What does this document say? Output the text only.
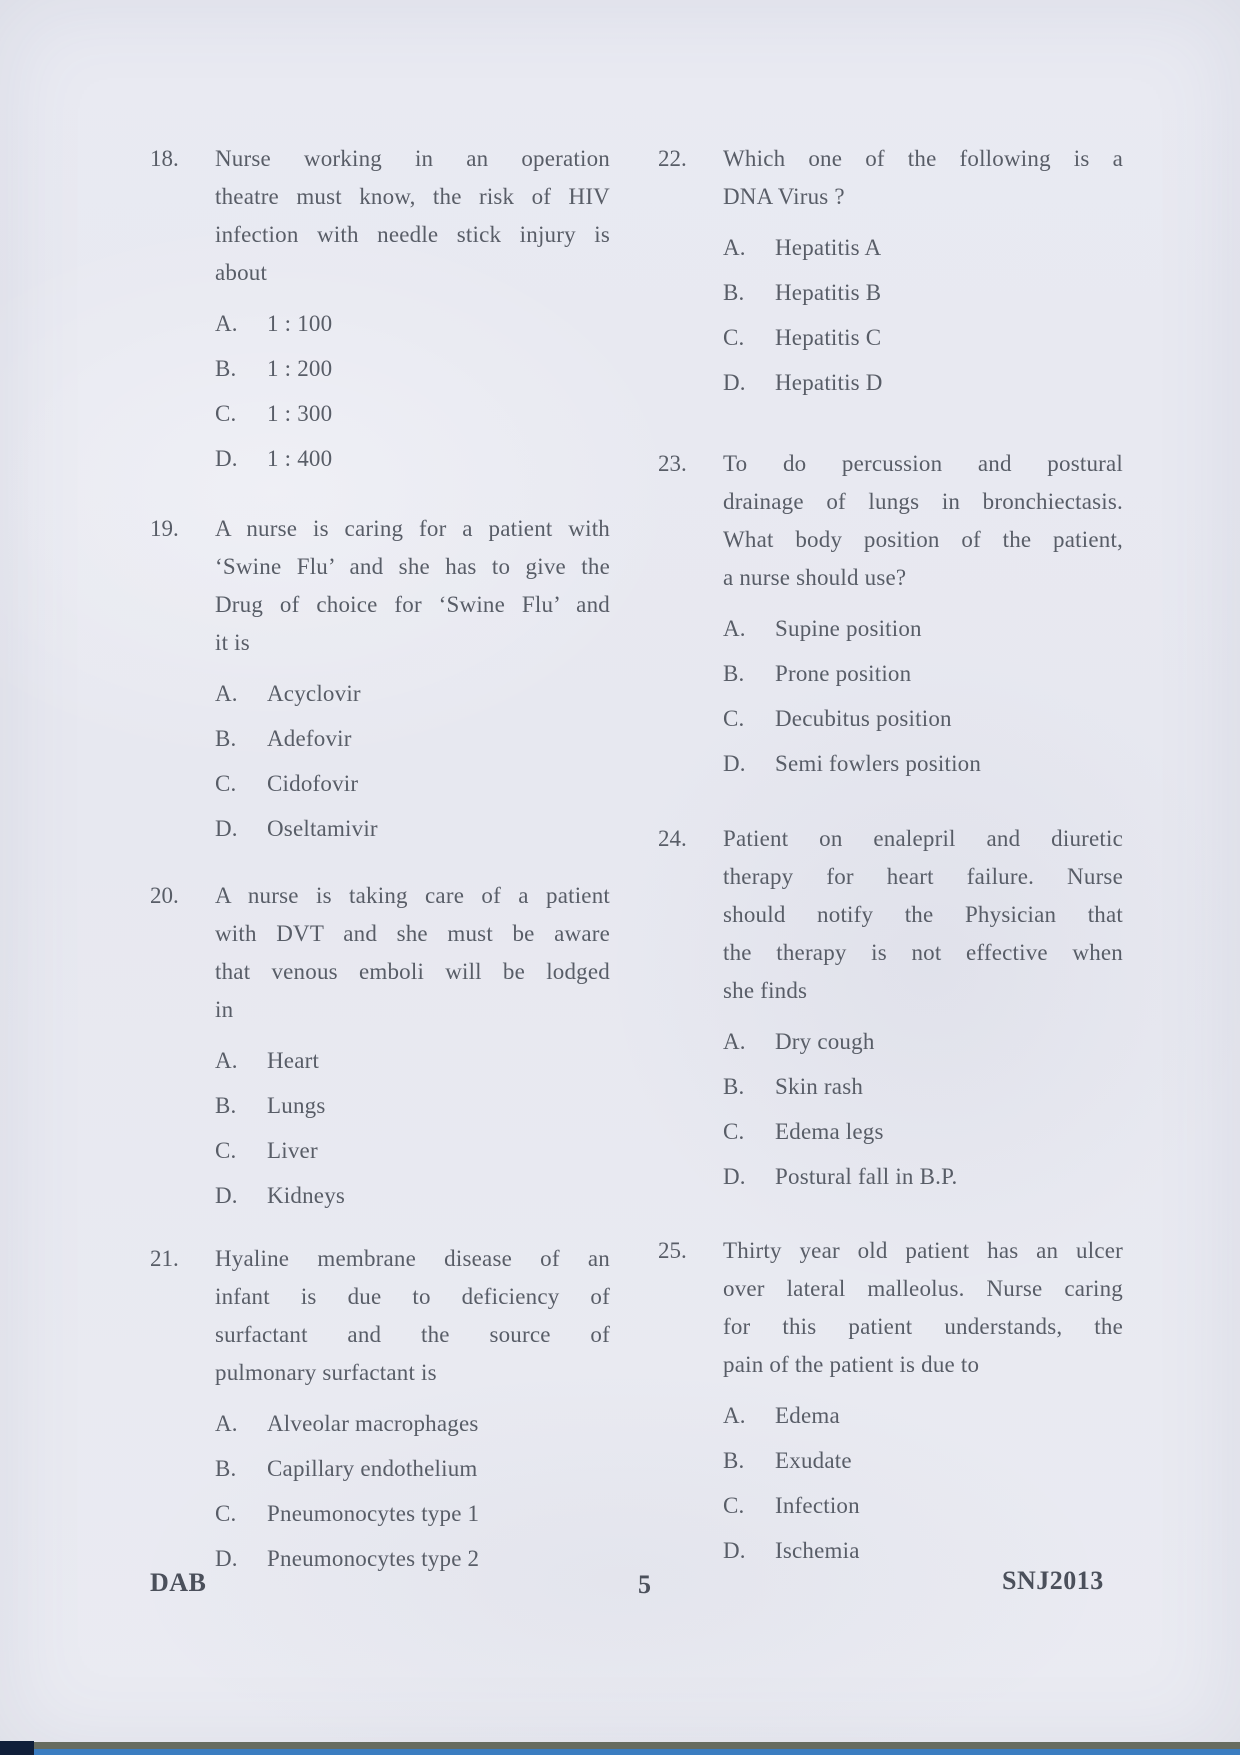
18.	Nurse working in an operation
theatre must know, the risk of HIV
infection with needle stick injury is
about
A. 1 : 100
B. 1 : 200
C. 1 : 300
D. 1 : 400
19.	A nurse is caring for a patient with
‘Swine Flu’ and she has to give the
Drug of choice for ‘Swine Flu’ and
it is
A. Acyclovir
B. Adefovir
C. Cidofovir
D. Oseltamivir
20.	A nurse is taking care of a patient
with DVT and she must be aware
that venous emboli will be lodged
in
A. Heart
B. Lungs
C. Liver
D. Kidneys
21.	Hyaline membrane disease of an
infant is due to deficiency of
surfactant and the source of
pulmonary surfactant is
A. Alveolar macrophages
B. Capillary endothelium
C. Pneumonocytes type 1
D. Pneumonocytes type 2
22.	Which one of the following is a
DNA Virus ?
A. Hepatitis A
B. Hepatitis B
C. Hepatitis C
D. Hepatitis D
23.	To do percussion and postural
drainage of lungs in bronchiectasis.
What body position of the patient,
a nurse should use?
A. Supine position
B. Prone position
C. Decubitus position
D. Semi fowlers position
24.	Patient on enalepril and diuretic
therapy for heart failure. Nurse
should notify the Physician that
the therapy is not effective when
she finds
A. Dry cough
B. Skin rash
C. Edema legs
D. Postural fall in B.P.
25.	Thirty year old patient has an ulcer
over lateral malleolus. Nurse caring
for this patient understands, the
pain of the patient is due to
A. Edema
B. Exudate
C. Infection
D. Ischemia
DAB	5	SNJ2013
